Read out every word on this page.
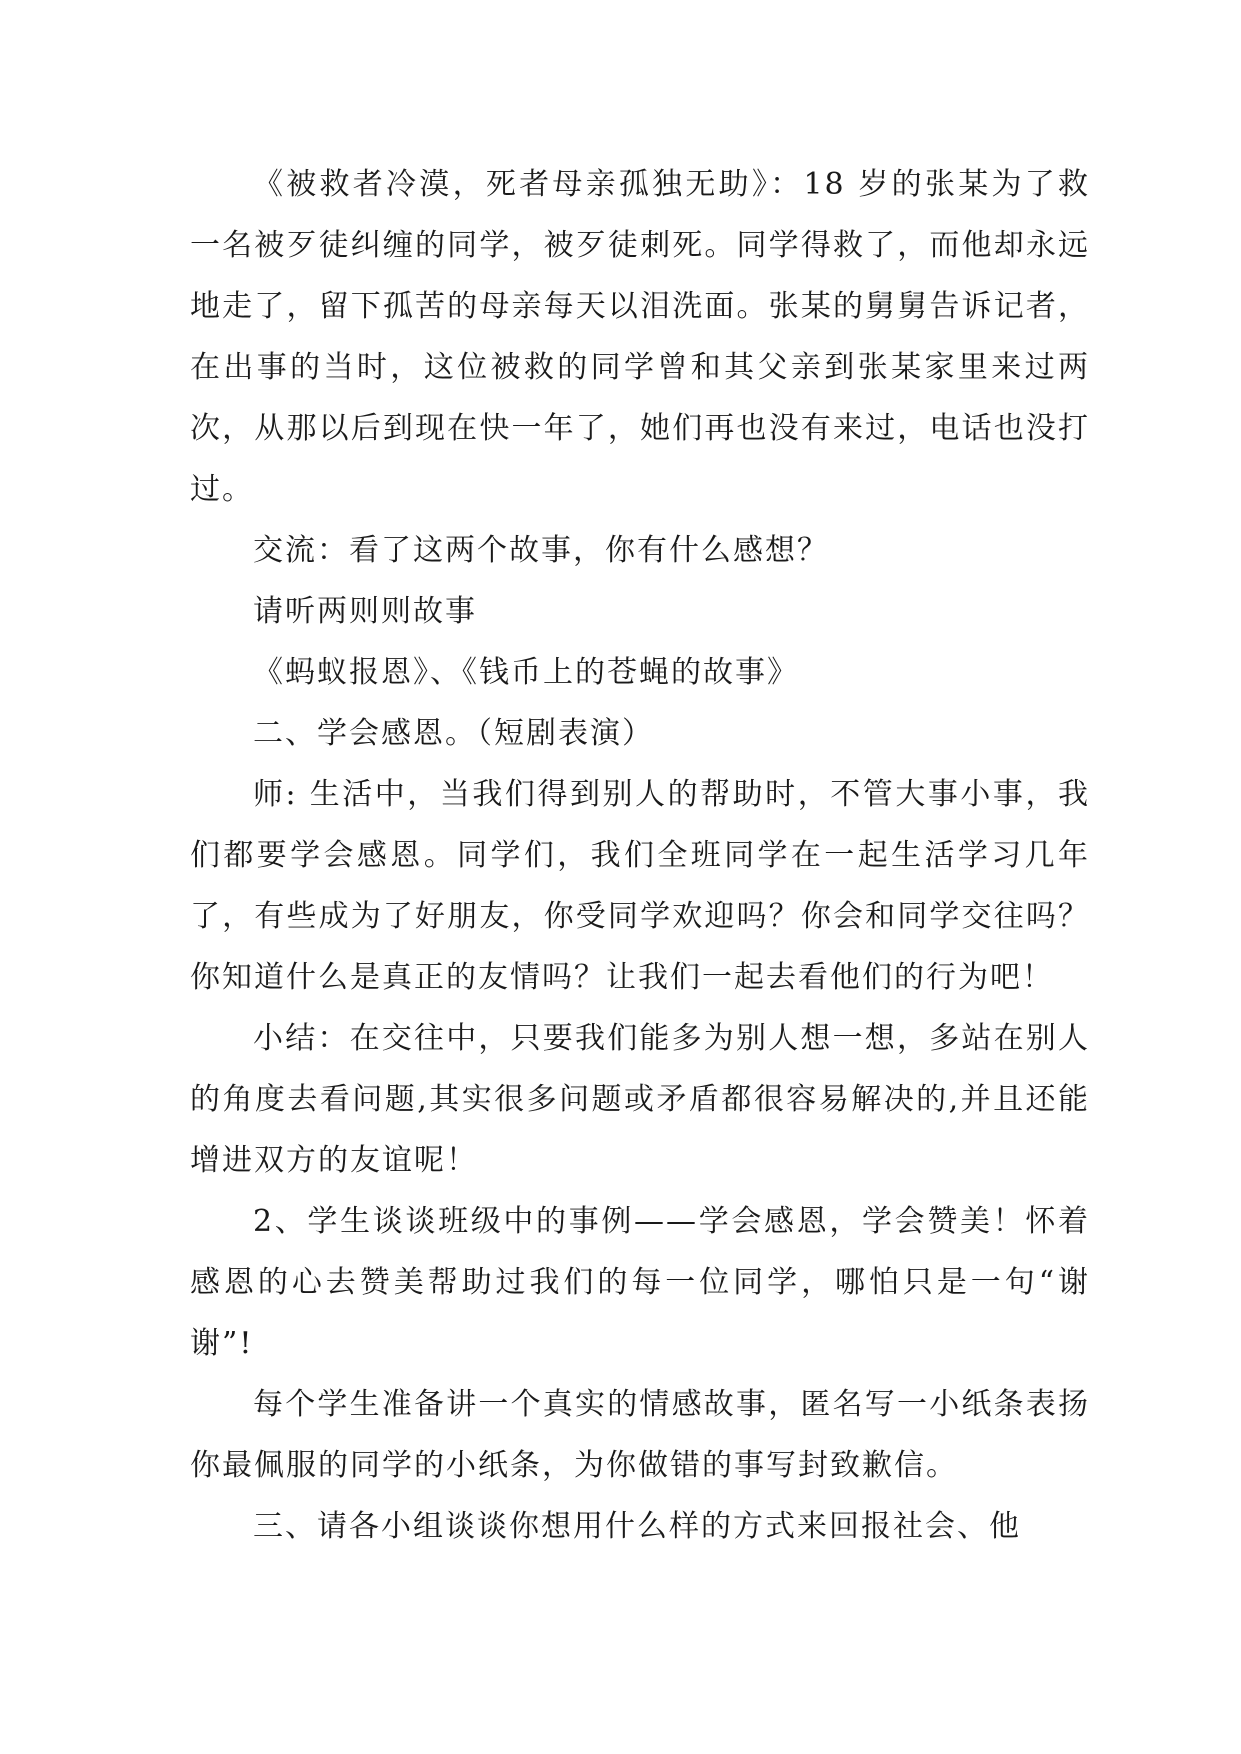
《被救者冷漠，死者母亲孤独无助》：18 岁的张某为了救一名被歹徒纠缠的同学，被歹徒刺死。同学得救了，而他却永远地走了，留下孤苦的母亲每天以泪洗面。张某的舅舅告诉记者，在出事的当时，这位被救的同学曾和其父亲到张某家里来过两次，从那以后到现在快一年了，她们再也没有来过，电话也没打过。

交流：看了这两个故事，你有什么感想？

请听两则则故事

《蚂蚁报恩》、《钱币上的苍蝇的故事》

二、学会感恩。（短剧表演）

师: 生活中，当我们得到别人的帮助时，不管大事小事，我们都要学会感恩。同学们，我们全班同学在一起生活学习几年了，有些成为了好朋友，你受同学欢迎吗？你会和同学交往吗？你知道什么是真正的友情吗？让我们一起去看他们的行为吧！

小结：在交往中，只要我们能多为别人想一想，多站在别人的角度去看问题,其实很多问题或矛盾都很容易解决的,并且还能增进双方的友谊呢！

2、学生谈谈班级中的事例——学会感恩，学会赞美！怀着感恩的心去赞美帮助过我们的每一位同学，哪怕只是一句“谢谢”!

每个学生准备讲一个真实的情感故事，匿名写一小纸条表扬你最佩服的同学的小纸条，为你做错的事写封致歉信。

三、请各小组谈谈你想用什么样的方式来回报社会、他
